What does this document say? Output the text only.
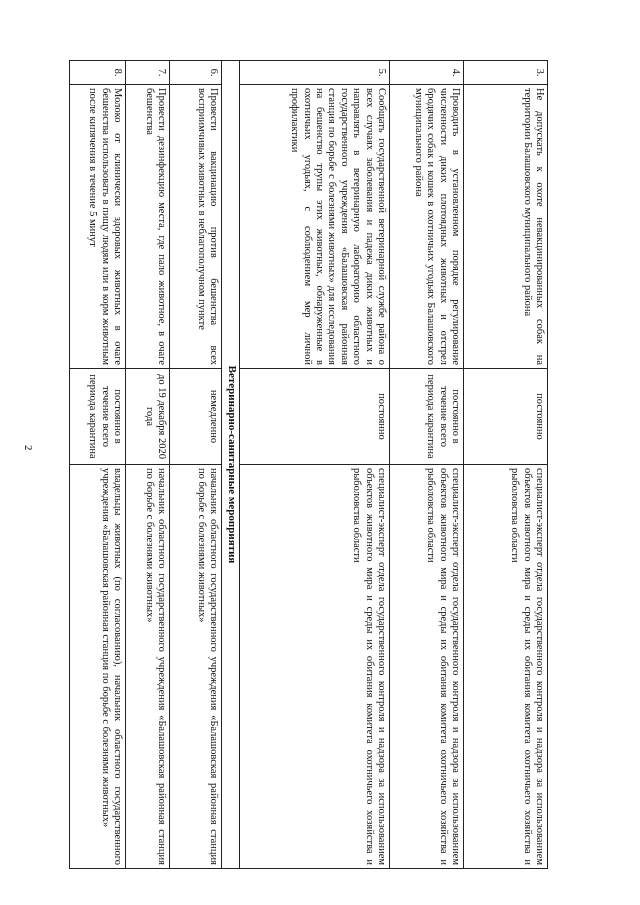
2
3.	Не допускать к охоте невакцинированных собак на территории Балашовского муниципального района	постоянно	специалист-эксперт отдела государственного контроля и надзора за использованием объектов животного мира и среды их обитания комитета охотничьего хозяйства и рыболовства области
4.	Проводить в установленном порядке регулирование численности диких плотоядных животных и отстрел бродячих собак и кошек в охотничьих угодьях Балашовского муниципального района	постоянно в течение всего периода карантина	специалист-эксперт отдела государственного контроля и надзора за использованием объектов животного мира и среды их обитания комитета охотничьего хозяйства и рыболовства области
5.	Сообщать государственной ветеринарной службе района о всех случаях заболевания и падежа диких животных и направлять в ветеринарную лабораторию областного государственного учреждения «Балашовская районная станция по борьбе с болезнями животных» для исследования на бешенство трупы этих животных, обнаруженные в охотничьих угодьях, с соблюдением мер личной профилактики	постоянно	специалист-эксперт отдела государственного контроля и надзора за использованием объектов животного мира и среды их обитания комитета охотничьего хозяйства и рыболовства области
Ветеринарно-санитарные мероприятия			
6.	Провести вакцинацию против бешенства всех восприимчивых животных в неблагополучном пункте	немедленно	начальник областного государственного учреждения «Балашовская районная станция по борьбе с болезнями животных»
7.	Провести дезинфекцию места, где пало животное, в очаге бешенства	до 19 декабря 2020 года	начальник областного государственного учреждения «Балашовская районная станция по борьбе с болезнями животных»
8.	Молоко от клинически здоровых животных в очаге бешенства использовать в пищу людям или в корм животным после кипячения в течение 5 минут	постоянно в течение всего периода карантина	владельцы животных (по согласованию), начальник областного государственного учреждения «Балашовская районная станция по борьбе с болезнями животных»
